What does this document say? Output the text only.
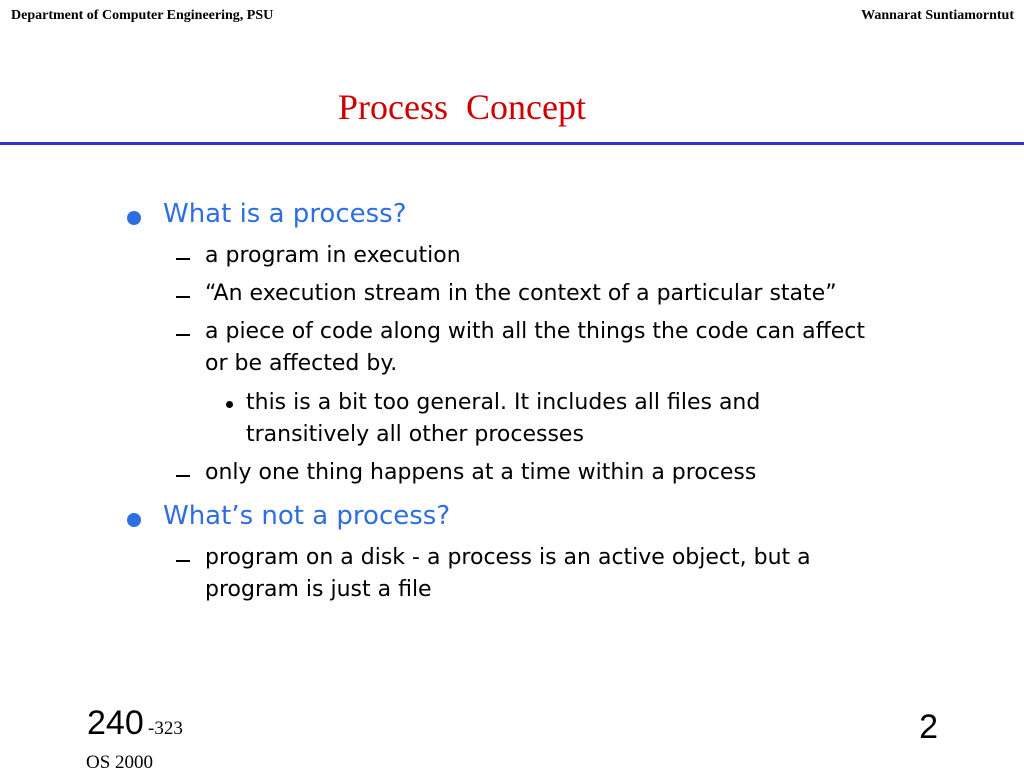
Department of Computer Engineering, PSU	Wannarat Suntiamorntut
Process  Concept
What is a process?
a program in execution
“An execution stream in the context of a particular state”
a piece of code along with all the things the code can affect
or be affected by.
this is a bit too general. It includes all files and
transitively all other processes
only one thing happens at a time within a process
What’s not a process?
program on a disk - a process is an active object, but a
program is just a file
240 -323
OS 2000
2
